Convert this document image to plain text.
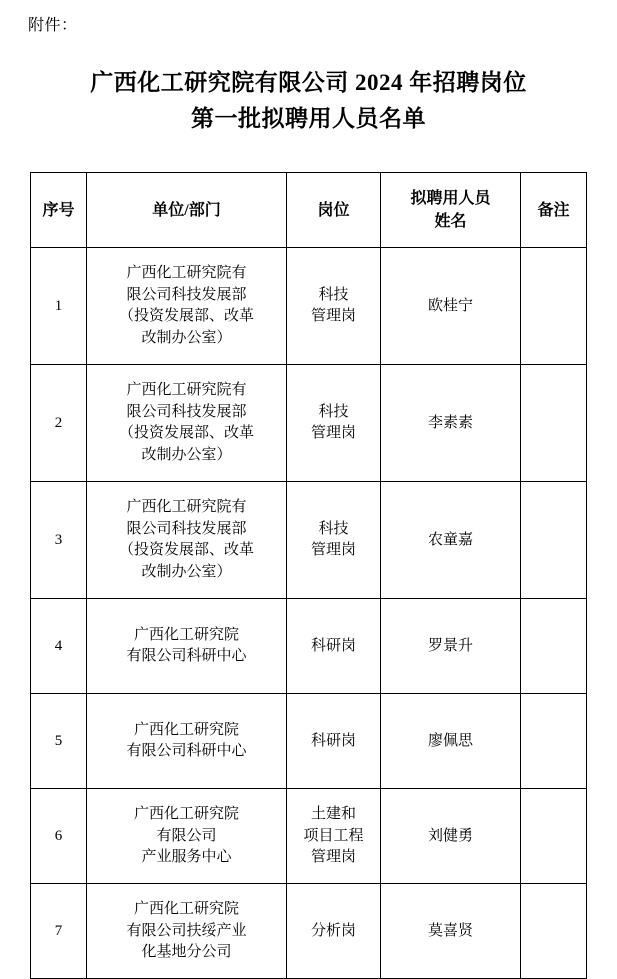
附件：
广西化工研究院有限公司 2024 年招聘岗位
第一批拟聘用人员名单
序号	单位/部门	岗位	拟聘用人员
姓名	备注
1	广西化工研究院有
限公司科技发展部
（投资发展部、改革
改制办公室）	科技
管理岗	欧桂宁	
2	广西化工研究院有
限公司科技发展部
（投资发展部、改革
改制办公室）	科技
管理岗	李素素	
3	广西化工研究院有
限公司科技发展部
（投资发展部、改革
改制办公室）	科技
管理岗	农童嘉	
4	广西化工研究院
有限公司科研中心	科研岗	罗景升	
5	广西化工研究院
有限公司科研中心	科研岗	廖佩思	
6	广西化工研究院
有限公司
产业服务中心	土建和
项目工程
管理岗	刘健勇	
7	广西化工研究院
有限公司扶绥产业
化基地分公司	分析岗	莫喜贤	
